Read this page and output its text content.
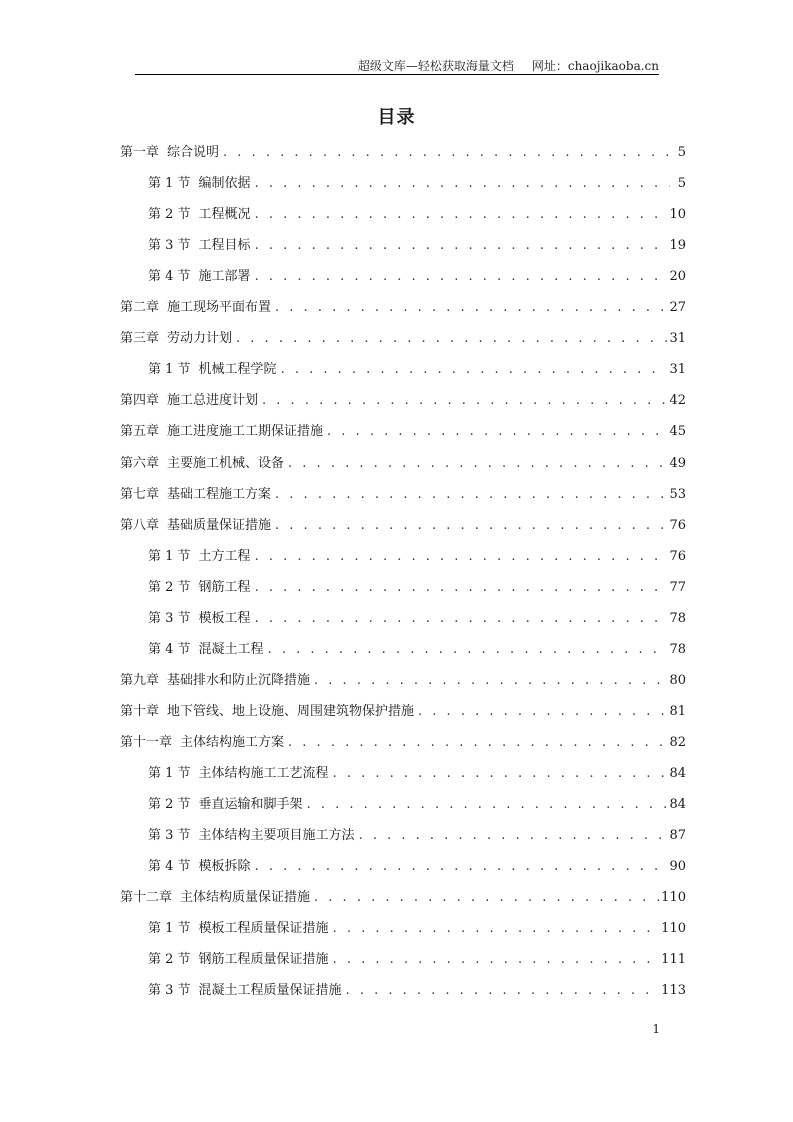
超级文库—轻松获取海量文档 网址：chaojikaoba.cn
目录
第一章 综合说明 . . .	5
第 1 节 编制依据 . . .	5
第 2 节 工程概况 . . .	10
第 3 节 工程目标 . . .	19
第 4 节 施工部署 . . .	20
第二章 施工现场平面布置 . . .	27
第三章 劳动力计划 . . .	31
第 1 节 机械工程学院 . . .	31
第四章 施工总进度计划 . . .	42
第五章 施工进度施工工期保证措施 . . .	45
第六章 主要施工机械、设备 . . .	49
第七章 基础工程施工方案 . . .	53
第八章 基础质量保证措施 . . .	76
第 1 节 土方工程 . . .	76
第 2 节 钢筋工程 . . .	77
第 3 节 模板工程 . . .	78
第 4 节 混凝土工程 . . .	78
第九章 基础排水和防止沉降措施 . . .	80
第十章 地下管线、地上设施、周围建筑物保护措施 . . .	81
第十一章 主体结构施工方案 . . .	82
第 1 节 主体结构施工工艺流程 . . .	84
第 2 节 垂直运输和脚手架 . . .	84
第 3 节 主体结构主要项目施工方法 . . .	87
第 4 节 模板拆除 . . .	90
第十二章 主体结构质量保证措施 . . .	110
第 1 节 模板工程质量保证措施 . . .	110
第 2 节 钢筋工程质量保证措施 . . .	111
第 3 节 混凝土工程质量保证措施 . . .	113
1
